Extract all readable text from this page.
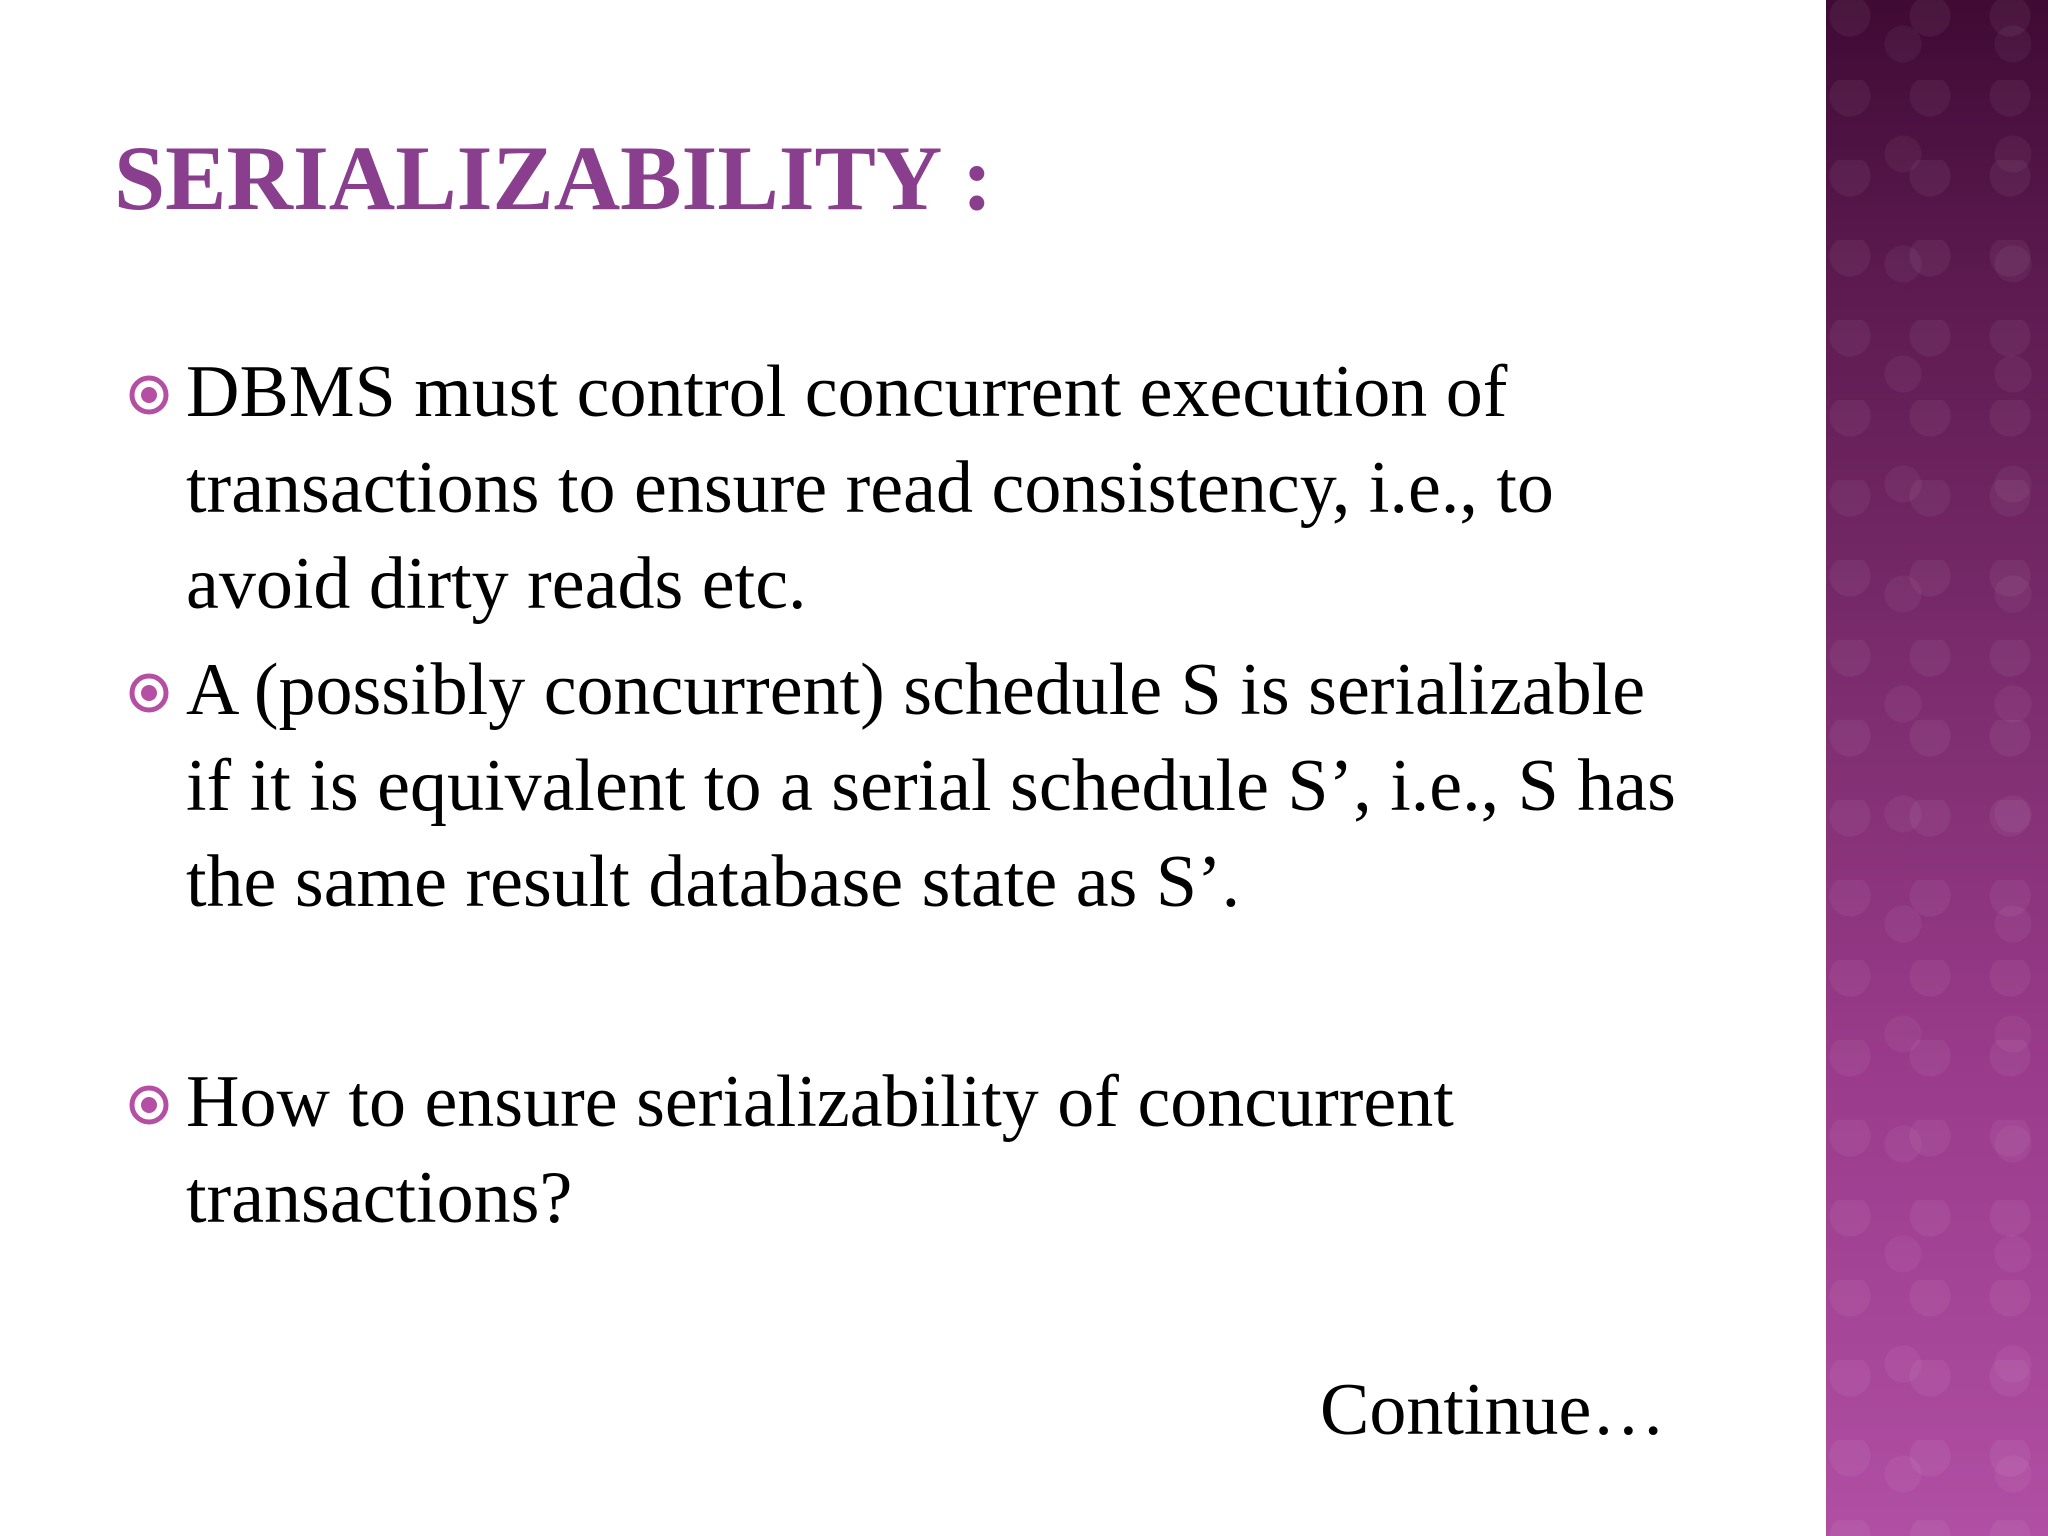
SERIALIZABILITY :
DBMS must control concurrent execution of transactions to ensure read consistency, i.e., to avoid dirty reads etc.
A (possibly concurrent) schedule S is serializable if it is equivalent to a serial schedule S’, i.e., S has the same result database state as S’.
How to ensure serializability of concurrent transactions?

Continue…
